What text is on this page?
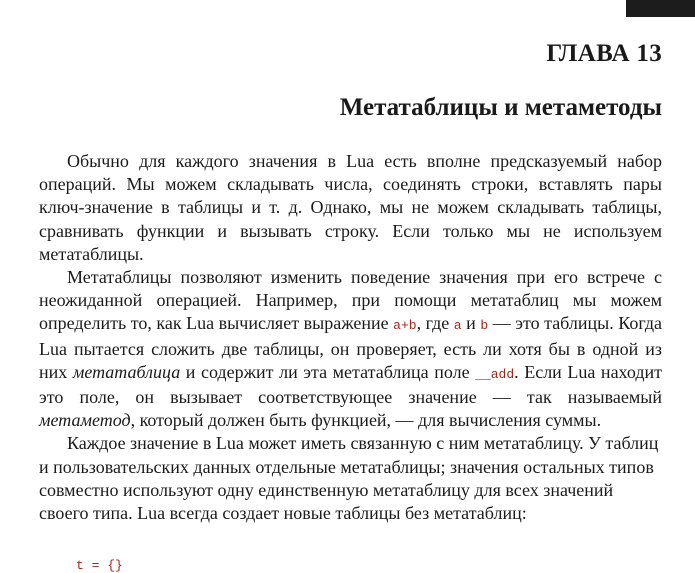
ГЛАВА 13
Метатаблицы и метаметоды

Обычно для каждого значения в Lua есть вполне предсказуемый набор операций. Мы можем складывать числа, соединять строки, вставлять пары ключ-значение в таблицы и т. д. Однако, мы не можем складывать таблицы, сравнивать функции и вызывать строку. Если только мы не используем метатаблицы.

Метатаблицы позволяют изменить поведение значения при его встрече с неожиданной операцией. Например, при помощи метатаблиц мы можем определить то, как Lua вычисляет выражение a+b, где a и b — это таблицы. Когда Lua пытается сложить две таблицы, он проверяет, есть ли хотя бы в одной из них метатаблица и содержит ли эта метатаблица поле __add. Если Lua находит это поле, он вызывает соответствующее значение — так называемый метаметод, который должен быть функцией, — для вычисления суммы.

Каждое значение в Lua может иметь связанную с ним метатаблицу. У таблиц и пользовательских данных отдельные метатаблицы; значения остальных типов совместно используют одну единственную метатаблицу для всех значений своего типа. Lua всегда создает новые таблицы без метатаблиц:

t = {}
